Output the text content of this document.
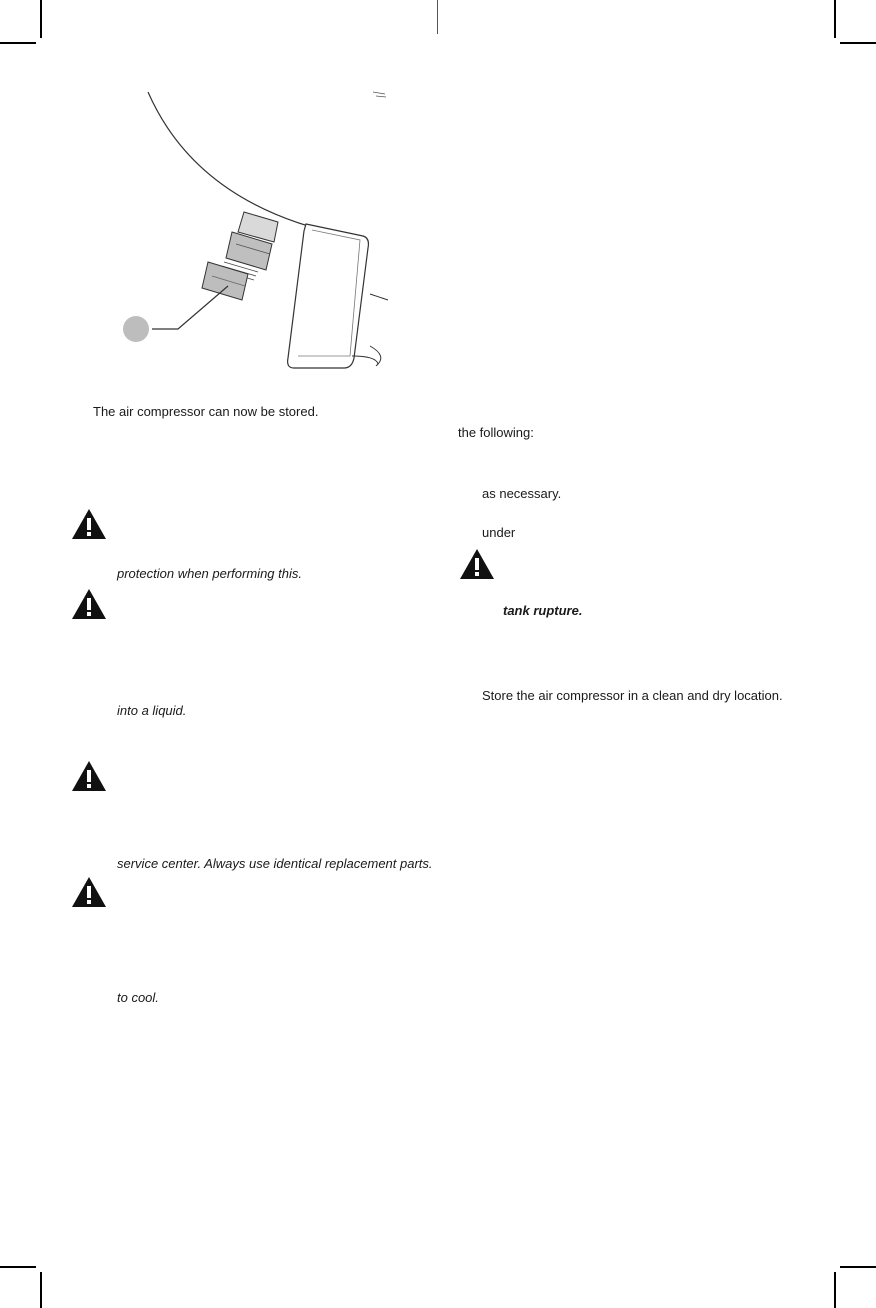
The air compressor can now be stored.
protection when performing this.
into a liquid.
service center. Always use identical replacement parts.
to cool.
the following:
as necessary.
under
tank rupture.
Store the air compressor in a clean and dry location.
